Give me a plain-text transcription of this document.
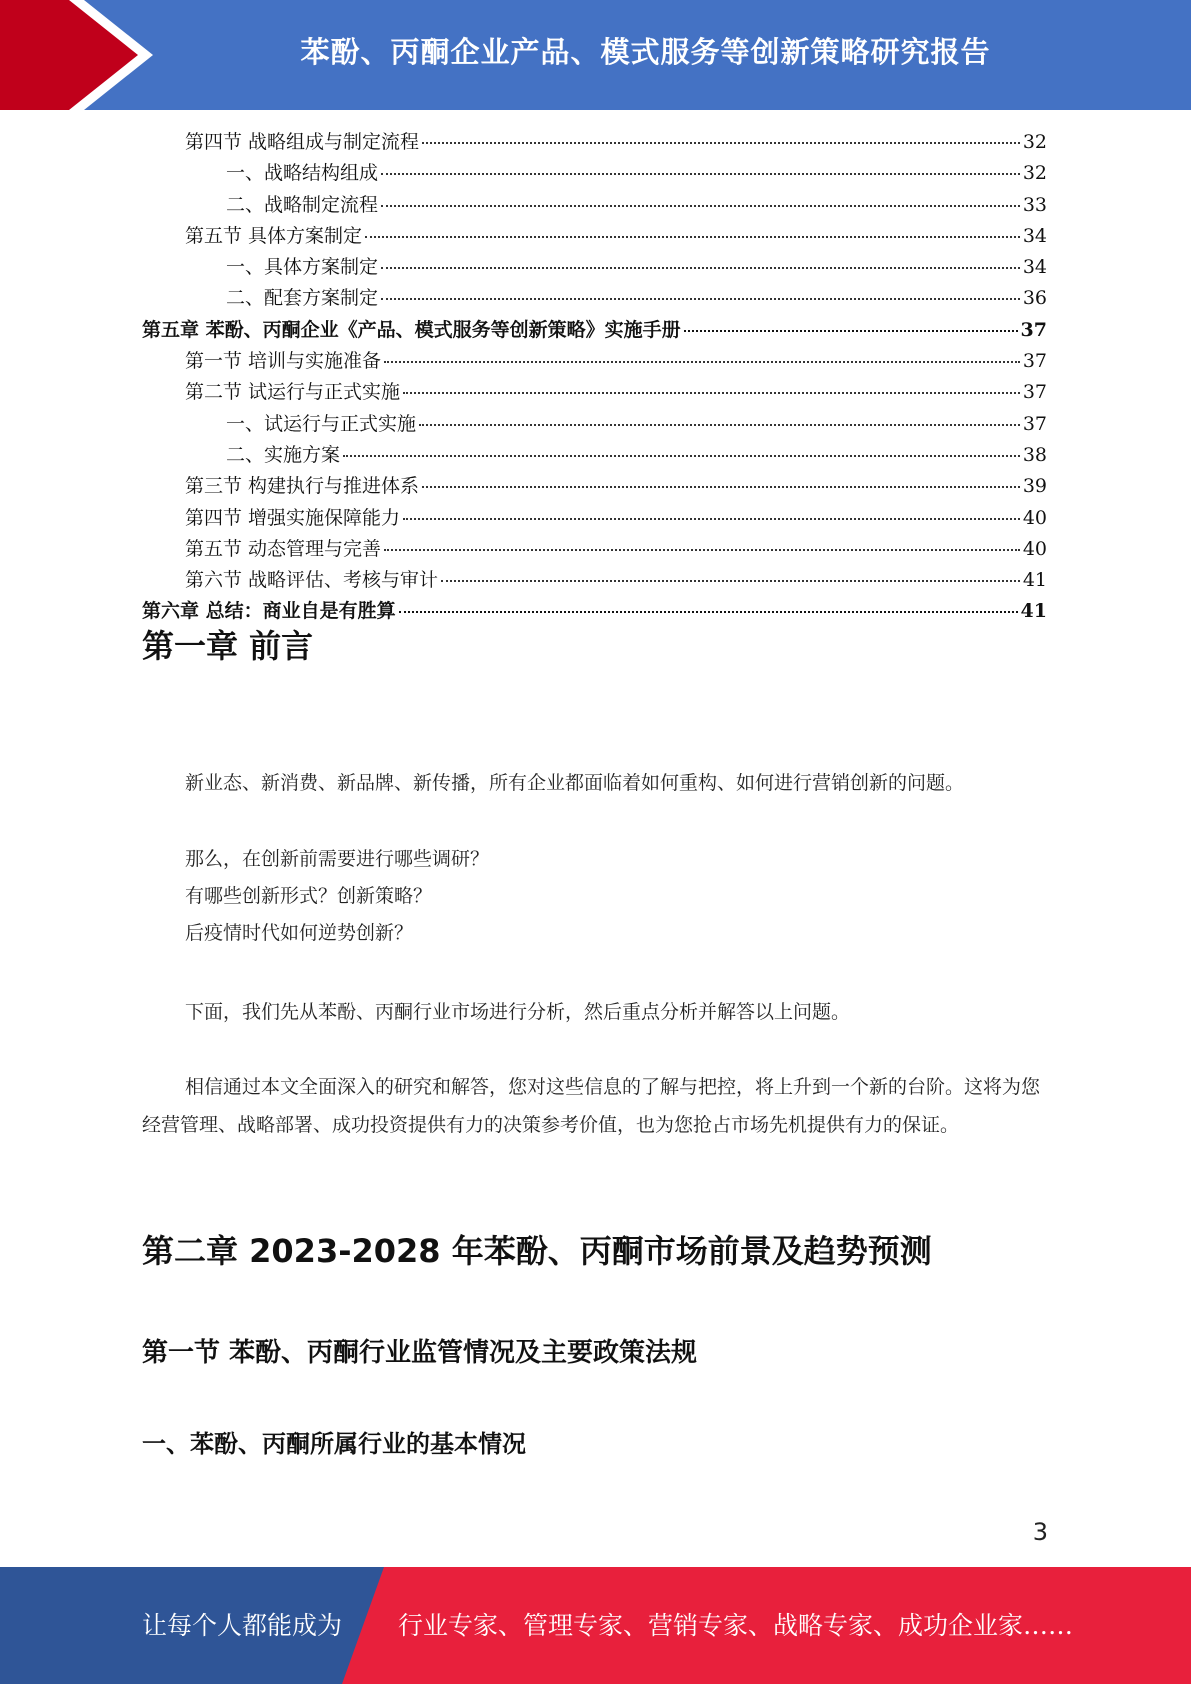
苯酚、丙酮企业产品、模式服务等创新策略研究报告
第四节 战略组成与制定流程	32
一、战略结构组成	32
二、战略制定流程	33
第五节 具体方案制定	34
一、具体方案制定	34
二、配套方案制定	36
第五章 苯酚、丙酮企业《产品、模式服务等创新策略》实施手册	37
第一节 培训与实施准备	37
第二节 试运行与正式实施	37
一、试运行与正式实施	37
二、实施方案	38
第三节 构建执行与推进体系	39
第四节 增强实施保障能力	40
第五节 动态管理与完善	40
第六节 战略评估、考核与审计	41
第六章 总结：商业自是有胜算	41
第一章 前言

新业态、新消费、新品牌、新传播，所有企业都面临着如何重构、如何进行营销创新的问题。

那么，在创新前需要进行哪些调研？

有哪些创新形式？创新策略？

后疫情时代如何逆势创新？

下面，我们先从苯酚、丙酮行业市场进行分析，然后重点分析并解答以上问题。

相信通过本文全面深入的研究和解答，您对这些信息的了解与把控，将上升到一个新的台阶。这将为您经营管理、战略部署、成功投资提供有力的决策参考价值，也为您抢占市场先机提供有力的保证。

第二章 2023-2028 年苯酚、丙酮市场前景及趋势预测
第一节 苯酚、丙酮行业监管情况及主要政策法规
一、苯酚、丙酮所属行业的基本情况
3
让每个人都能成为 行业专家、管理专家、营销专家、战略专家、成功企业家……
